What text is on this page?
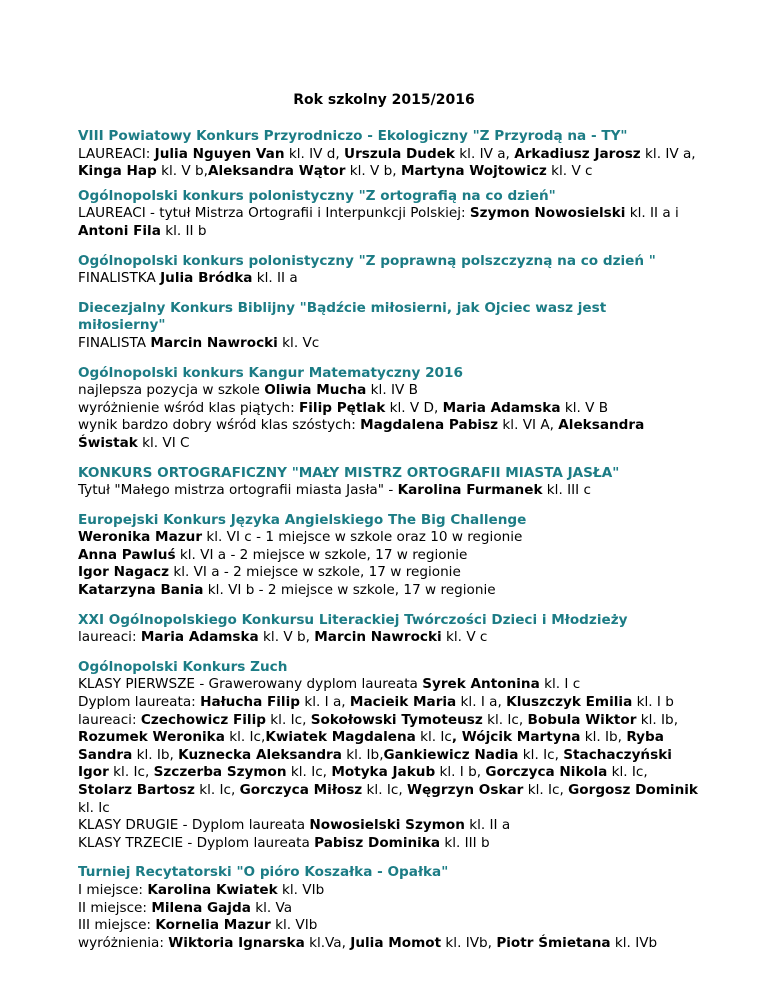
Rok szkolny 2015/2016
VIII Powiatowy Konkurs Przyrodniczo - Ekologiczny "Z Przyrodą na - TY"
LAUREACI: Julia Nguyen Van kl. IV d, Urszula Dudek kl. IV a, Arkadiusz Jarosz kl. IV a, Kinga Hap kl. V b,Aleksandra Wątor kl. V b, Martyna Wojtowicz kl. V c
Ogólnopolski konkurs polonistyczny "Z ortografią na co dzień"
LAUREACI - tytuł Mistrza Ortografii i Interpunkcji Polskiej: Szymon Nowosielski kl. II a i Antoni Fila kl. II b
Ogólnopolski konkurs polonistyczny "Z poprawną polszczyzną na co dzień "
FINALISTKA Julia Bródka kl. II a
Diecezjalny Konkurs Biblijny "Bądźcie miłosierni, jak Ojciec wasz jest miłosierny"
FINALISTA Marcin Nawrocki kl. Vc
Ogólnopolski konkurs Kangur Matematyczny 2016
najlepsza pozycja w szkole Oliwia Mucha kl. IV B
wyróżnienie wśród klas piątych: Filip Pętlak kl. V D, Maria Adamska kl. V B
wynik bardzo dobry wśród klas szóstych: Magdalena Pabisz kl. VI A, Aleksandra Świstak kl. VI C
KONKURS ORTOGRAFICZNY "MAŁY MISTRZ ORTOGRAFII MIASTA JASŁA"
Tytuł "Małego mistrza ortografii miasta Jasła" - Karolina Furmanek kl. III c
Europejski Konkurs Języka Angielskiego The Big Challenge
Weronika Mazur kl. VI c - 1 miejsce w szkole oraz 10 w regionie
Anna Pawluś kl. VI a - 2 miejsce w szkole, 17 w regionie
Igor Nagacz kl. VI a - 2 miejsce w szkole, 17 w regionie
Katarzyna Bania kl. VI b - 2 miejsce w szkole, 17 w regionie
XXI Ogólnopolskiego Konkursu Literackiej Twórczości Dzieci i Młodzieży
laureaci: Maria Adamska kl. V b, Marcin Nawrocki kl. V c
Ogólnopolski Konkurs Zuch
KLASY PIERWSZE - Grawerowany dyplom laureata Syrek Antonina kl. I c
Dyplom laureata: Hałucha Filip kl. I a, Macieik Maria kl. I a, Kluszczyk Emilia kl. I b
laureaci: Czechowicz Filip kl. Ic, Sokołowski Tymoteusz kl. Ic, Bobula Wiktor kl. Ib, Rozumek Weronika kl. Ic,Kwiatek Magdalena kl. Ic, Wójcik Martyna kl. Ib, Ryba Sandra kl. Ib, Kuznecka Aleksandra kl. Ib,Gankiewicz Nadia kl. Ic, Stachaczyński Igor kl. Ic, Szczerba Szymon kl. Ic, Motyka Jakub kl. I b, Gorczyca Nikola kl. Ic, Stolarz Bartosz kl. Ic, Gorczyca Miłosz kl. Ic, Węgrzyn Oskar kl. Ic, Gorgosz Dominik kl. Ic
KLASY DRUGIE - Dyplom laureata Nowosielski Szymon kl. II a
KLASY TRZECIE - Dyplom laureata Pabisz Dominika kl. III b
Turniej Recytatorski "O pióro Koszałka - Opałka"
I miejsce: Karolina Kwiatek kl. VIb
II miejsce: Milena Gajda kl. Va
III miejsce: Kornelia Mazur kl. VIb
wyróżnienia: Wiktoria Ignarska kl.Va, Julia Momot kl. IVb, Piotr Śmietana kl. IVb
